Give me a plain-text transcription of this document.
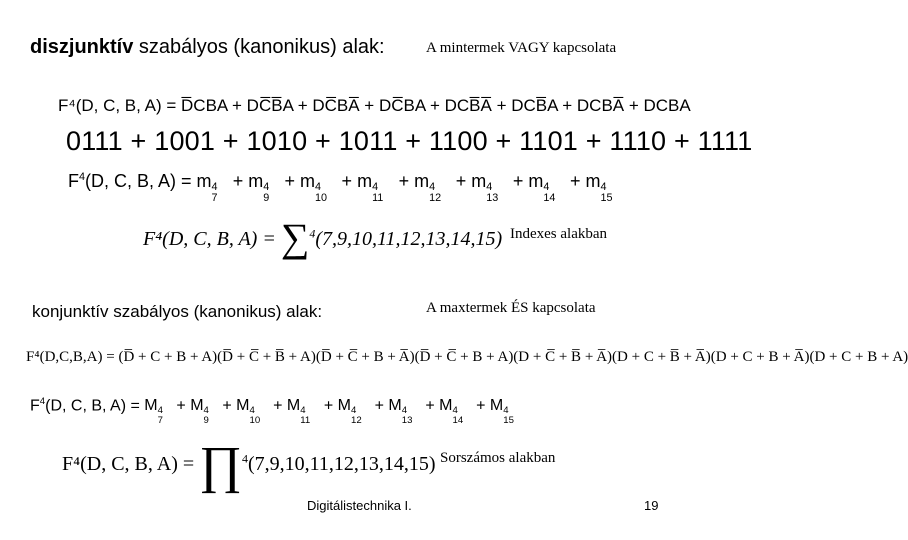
diszjunktív szabályos (kanonikus) alak:	A mintermek VAGY kapcsolata
F⁴(D, C, B, A) = D̅CBA + DC̅B̅A + DC̅BA̅ + DC̅BA + DCB̅A̅ + DCB̅A + DCBA̅ + DCBA
0111 + 1001 + 1010 + 1011 + 1100 + 1101 + 1110 + 1111
$F^4(D$, C, B, A) = m 4
7
+ m 4
9
+ m 4
10
+ m 4
11
+ m 4
12
+ m 4
13
+ m 4
14
+ m 4
15
F⁴(D, C, B, A) = ∑$^4$(7,9,10,11,12,13,14,15) Indexes alakban
konjunktív szabályos (kanonikus) alak:	A maxtermek ÉS kapcsolata
F⁴(D,C,B,A) = (D̅ + C + B + A)(D̅ + C̅ + B̅ + A)(D̅ + C̅ + B + A̅)(D̅ + C̅ + B + A)(D + C̅ + B̅ + A̅)(D + C + B̅ + A̅)(D + C + B + A̅)(D + C + B + A)
$F^4(D$, C, B, A) = M 4
7
+ M 4
9
+ M 4
10
+ M 4
11
+ M 4
12
+ M 4
13
+ M 4
14
+ M 4
15
F⁴(D, C, B, A) = ∏$^4$(7,9,10,11,12,13,14,15) Sorszámos alakban
Digitálistechnika I.	19
